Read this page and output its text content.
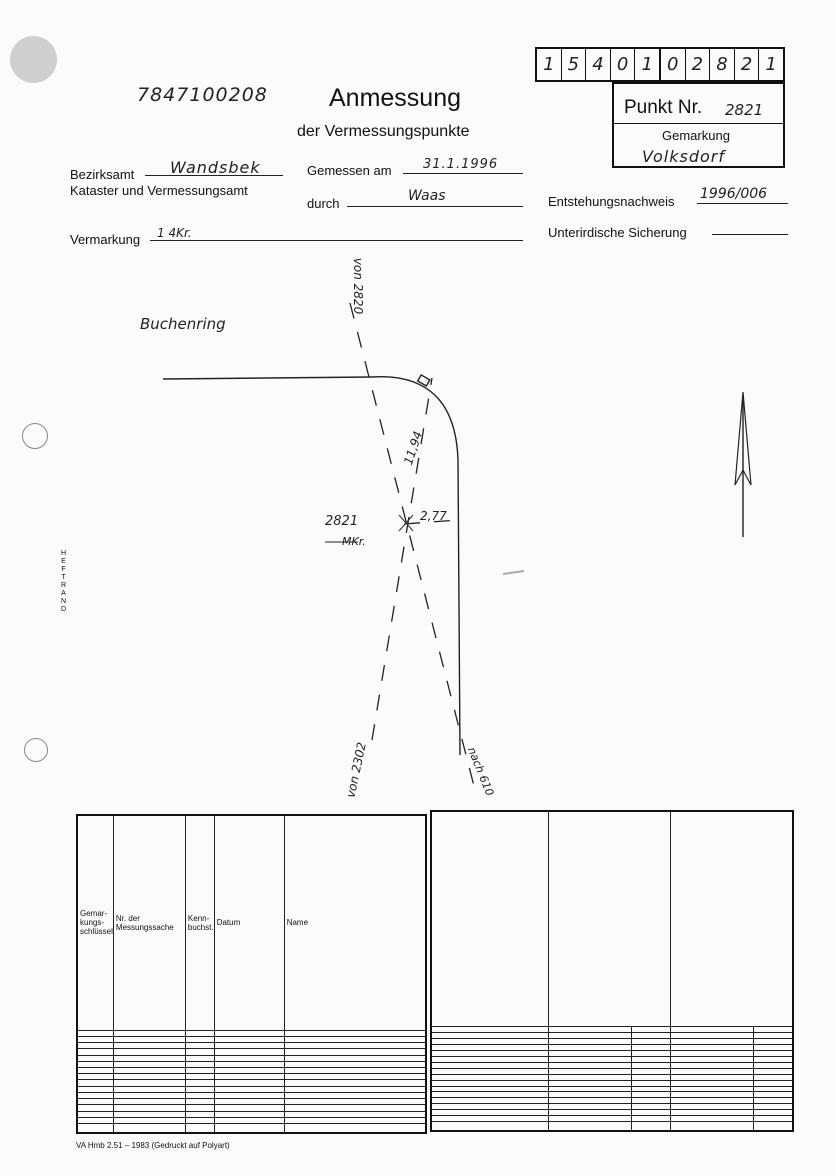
7847100208 Anmessung
der Vermessungspunkte
1 5 4 0 1 0 2 8 2 1
Punkt Nr. 2821
Gemarkung
Volksdorf
Bezirksamt Wandsbek
Kataster und Vermessungsamt
Gemessen am 31.1.1996
durch	Waas	Entstehungsnachweis 1996/006
Vermarkung 1 4Kr.	Unterirdische Sicherung
HEFTRAND
Buchenring
von 2820
11,94
2,77
2821
MKr.
von 2302	nach 610
Gemar-kungs-schlüssel	Nr. der Messungssache	Kenn-buchst.	Datum	Name

VA Hmb 2.51 – 1983 (Gedruckt auf Polyart)
